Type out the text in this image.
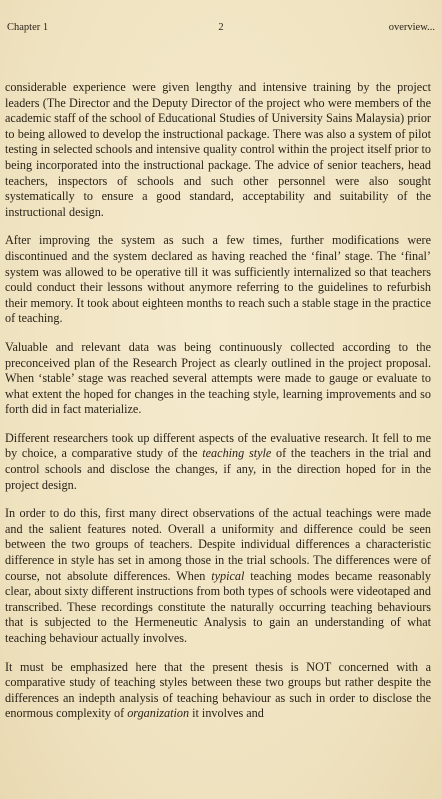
Chapter 1	2	overview...

considerable experience were given lengthy and intensive training by the project leaders (The Director and the Deputy Director of the project who were members of the academic staff of the school of Educational Studies of University Sains Malaysia) prior to being allowed to develop the instructional package. There was also a system of pilot testing in selected schools and intensive quality control within the project itself prior to being incorporated into the instructional package. The advice of senior teachers, head teachers, inspectors of schools and such other personnel were also sought systematically to ensure a good standard, acceptability and suitability of the instructional design.

After improving the system as such a few times, further modifications were discontinued and the system declared as having reached the ‘final’ stage. The ‘final’ system was allowed to be operative till it was sufficiently internalized so that teachers could conduct their lessons without anymore referring to the guidelines to refurbish their memory. It took about eighteen months to reach such a stable stage in the practice of teaching.

Valuable and relevant data was being continuously collected according to the preconceived plan of the Research Project as clearly outlined in the project proposal. When ‘stable’ stage was reached several attempts were made to gauge or evaluate to what extent the hoped for changes in the teaching style, learning improvements and so forth did in fact materialize.

Different researchers took up different aspects of the evaluative research. It fell to me by choice, a comparative study of the teaching style of the teachers in the trial and control schools and disclose the changes, if any, in the direction hoped for in the project design.

In order to do this, first many direct observations of the actual teachings were made and the salient features noted. Overall a uniformity and difference could be seen between the two groups of teachers. Despite individual differences a characteristic difference in style has set in among those in the trial schools. The differences were of course, not absolute differences. When typical teaching modes became reasonably clear, about sixty different instructions from both types of schools were videotaped and transcribed. These recordings constitute the naturally occurring teaching behaviours that is subjected to the Hermeneutic Analysis to gain an understanding of what teaching behaviour actually involves.

It must be emphasized here that the present thesis is NOT concerned with a comparative study of teaching styles between these two groups but rather despite the differences an indepth analysis of teaching behaviour as such in order to disclose the enormous complexity of organization it involves and
